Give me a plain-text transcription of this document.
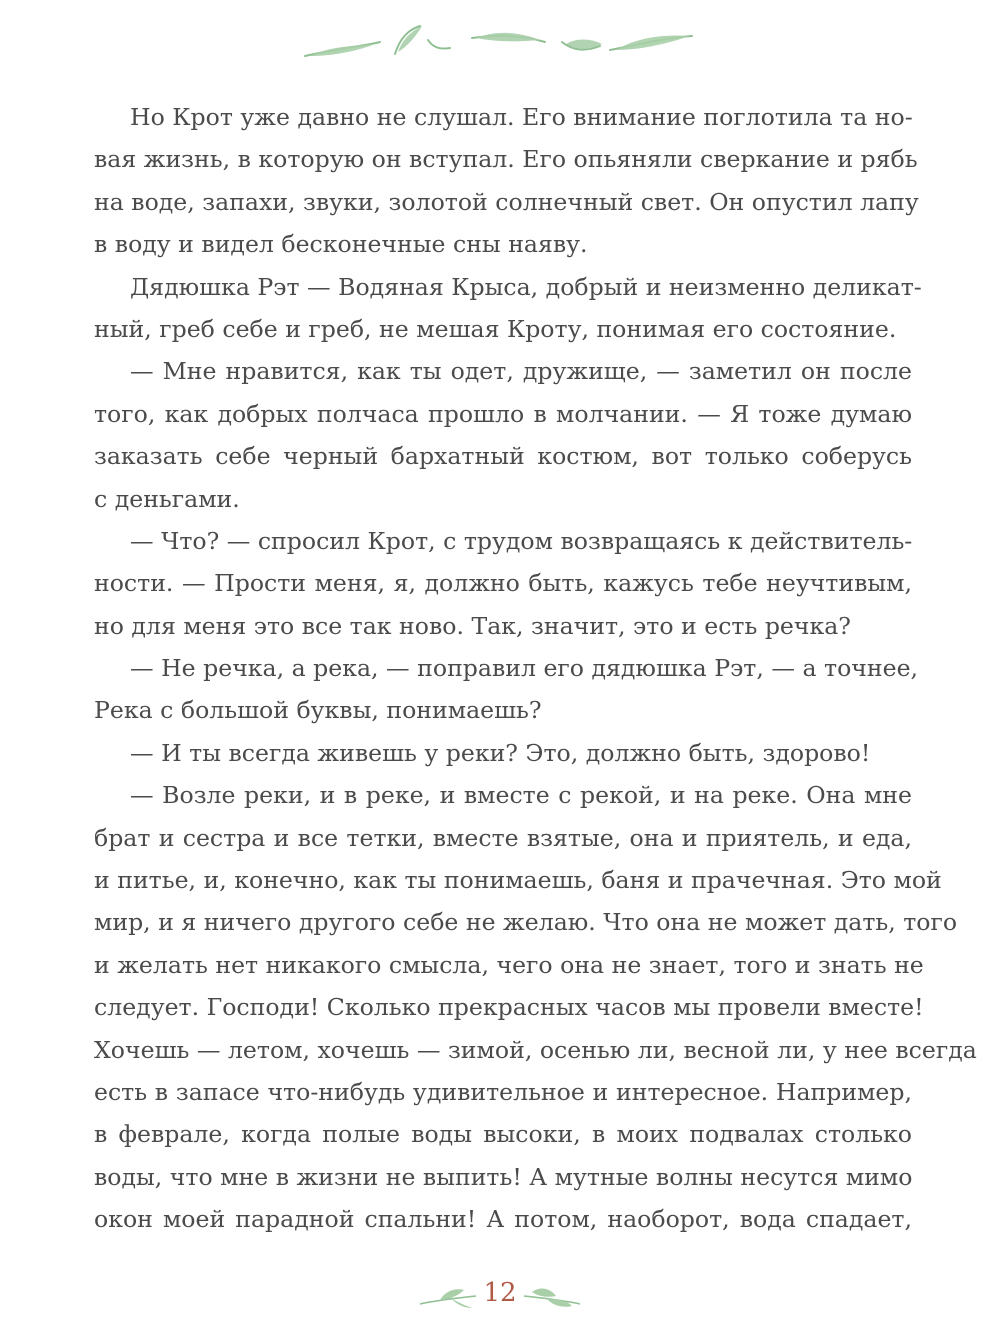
Но Крот уже давно не слушал. Его внимание поглотила та но-
вая жизнь, в которую он вступал. Его опьяняли сверкание и рябь
на воде, запахи, звуки, золотой солнечный свет. Он опустил лапу
в воду и видел бесконечные сны наяву.
Дядюшка Рэт — Водяная Крыса, добрый и неизменно деликат-
ный, греб себе и греб, не мешая Кроту, понимая его состояние.
— Мне нравится, как ты одет, дружище, — заметил он после
того, как добрых полчаса прошло в молчании. — Я тоже думаю
заказать себе черный бархатный костюм, вот только соберусь
с деньгами.
— Что? — спросил Крот, с трудом возвращаясь к действитель-
ности. — Прости меня, я, должно быть, кажусь тебе неучтивым,
но для меня это все так ново. Так, значит, это и есть речка?
— Не речка, а река, — поправил его дядюшка Рэт, — а точнее,
Река с большой буквы, понимаешь?
— И ты всегда живешь у реки? Это, должно быть, здорово!
— Возле реки, и в реке, и вместе с рекой, и на реке. Она мне
брат и сестра и все тетки, вместе взятые, она и приятель, и еда,
и питье, и, конечно, как ты понимаешь, баня и прачечная. Это мой
мир, и я ничего другого себе не желаю. Что она не может дать, того
и желать нет никакого смысла, чего она не знает, того и знать не
следует. Господи! Сколько прекрасных часов мы провели вместе!
Хочешь — летом, хочешь — зимой, осенью ли, весной ли, у нее всегда
есть в запасе что-нибудь удивительное и интересное. Например,
в феврале, когда полые воды высоки, в моих подвалах столько
воды, что мне в жизни не выпить! А мутные волны несутся мимо
окон моей парадной спальни! А потом, наоборот, вода спадает,
12
